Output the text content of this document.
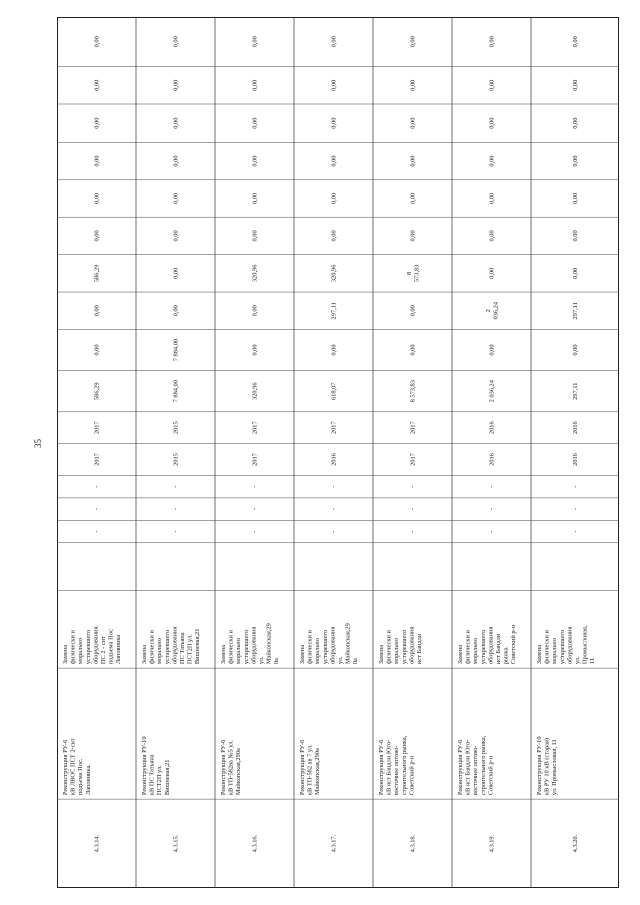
35
4.3.14.
Реконструкция РУ-6 кВ ЛВОС ПСТ 2-сит подъема Пос. Лаповника.
Замена физически и морально устаревшего оборудования. ПС 2 - сит подъема Пос Лаповника
-
-
-
2017
2017
586,29
0,00
0,00
586,29
0,00
0,00
0,00
0,00
0,00
0,00
4.3.15.
Реконструкция РУ-10 кВ ПС Татьяна ПСТ2П ул. Вишневая,21
Замена физически и морально устаревшего оборудования ПС Татьяна ПСТ2П ул. Вишневая,21
-
-
-
2015
2015
7 884,00
7 884,00
0,00
0,00
0,00
0,00
0,00
0,00
0,00
0,00
4.3.16.
Реконструкция РУ-6 кВ ТП-582ва №5 ул. Майкопская,290а
Замена физически и морально устаревшего оборудования ул. Майкопская,29 0а
-
-
-
2017
2017
320,96
0,00
0,00
320,96
0,00
0,00
0,00
0,00
0,00
0,00
4.3.17.
Реконструкция РУ-6 кВ ТП-582 ав 7 ул. Майкопская,290а
Замена физически и морально устаревшего оборудования ул. Майкопская,29 0а
-
-
-
2016
2017
618,07
0,00
297,11
320,96
0,00
0,00
0,00
0,00
0,00
0,00
4.3.18.
Реконструкция РУ-6 кВ ист Бандли Юго- восточнее оптово- строительного рынка, Советский р-н
Замена физически и морально устаревшего оборудования ист Бандли
-
-
-
2017
2017
8 573,83
0,00
0,00
8 573,83
0,00
0,00
0,00
0,00
0,00
0,00
4.3.19.
Реконструкция РУ-6 кВ ист Бандли Юго- восточнее оптово- строительного рынка, Советский р-н
Замена физически и морально устаревшего оборудования ист Бандли рынка Советский р-н
-
-
-
2016
2016
2 036,24
0,00
2 036,24
0,00
0,00
0,00
0,00
0,00
0,00
0,00
4.3.20.
Реконструкция РУ-10 кВ РУ 10 кВ (старая) ул. Промысловая, 11
Замена физически и морально устаревшего оборудования ул. Промысловая, 11
-
-
-
2016
2016
297,11
0,00
297,11
0,00
0,00
0,00
0,00
0,00
0,00
0,00
